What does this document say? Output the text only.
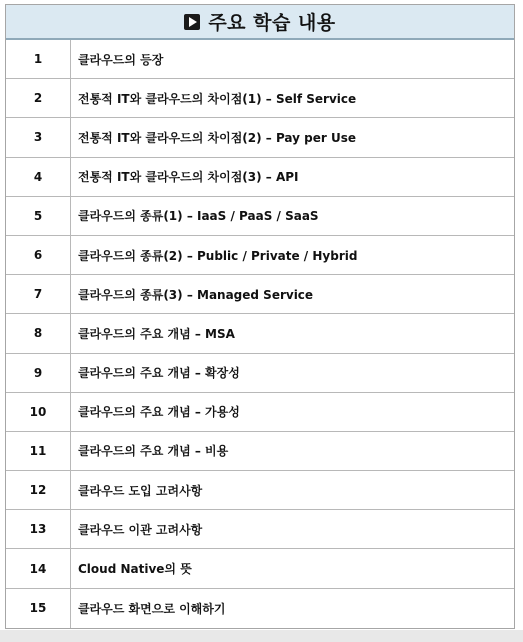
주요 학습 내용
1	클라우드의 등장
2	전통적 IT와 클라우드의 차이점(1) – Self Service
3	전통적 IT와 클라우드의 차이점(2) – Pay per Use
4	전통적 IT와 클라우드의 차이점(3) – API
5	클라우드의 종류(1) – IaaS / PaaS / SaaS
6	클라우드의 종류(2) – Public / Private / Hybrid
7	클라우드의 종류(3) – Managed Service
8	클라우드의 주요 개념 – MSA
9	클라우드의 주요 개념 – 확장성
10	클라우드의 주요 개념 – 가용성
11	클라우드의 주요 개념 – 비용
12	클라우드 도입 고려사항
13	클라우드 이관 고려사항
14	Cloud Native의 뜻
15	클라우드 화면으로 이해하기
